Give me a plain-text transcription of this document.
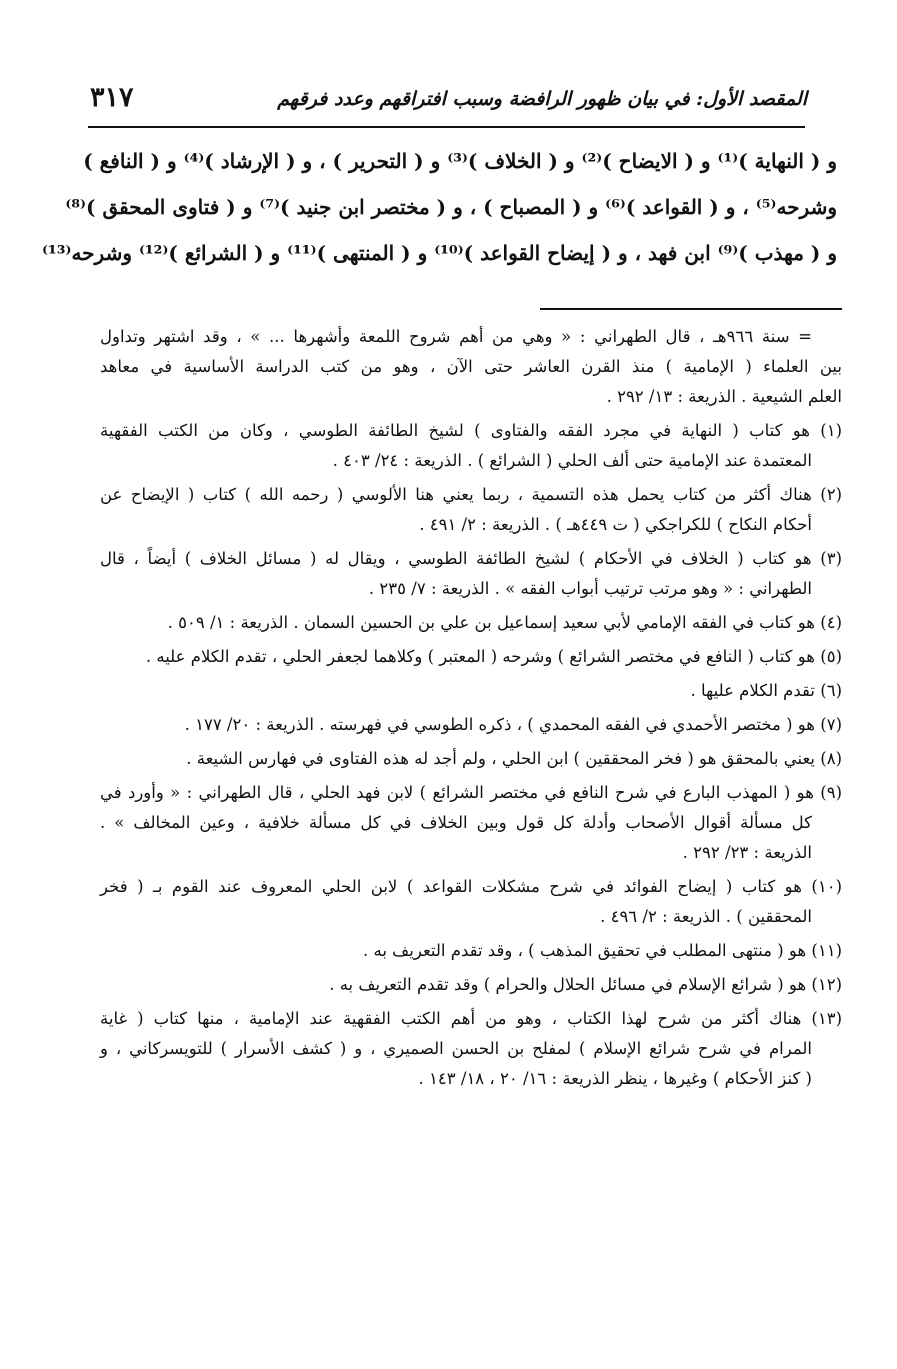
المقصد الأول: في بيان ظهور الرافضة وسبب افتراقهم وعدد فرقهم
٣١٧
و ( النهاية )⁽¹⁾ و ( الايضاح )⁽²⁾ و ( الخلاف )⁽³⁾ و ( التحرير ) ، و ( الإرشاد )⁽⁴⁾ و ( النافع )
وشرحه⁽⁵⁾ ، و ( القواعد )⁽⁶⁾ و ( المصباح ) ، و ( مختصر ابن جنيد )⁽⁷⁾ و ( فتاوى المحقق )⁽⁸⁾
و ( مهذب )⁽⁹⁾ ابن فهد ، و ( إيضاح القواعد )⁽¹⁰⁾ و ( المنتهى )⁽¹¹⁾ و ( الشرائع )⁽¹²⁾ وشرحه⁽¹³⁾
= سنة ٩٦٦هـ ، قال الطهراني : « وهي من أهم شروح اللمعة وأشهرها ... » ، وقد اشتهر وتداول
بين العلماء ( الإمامية ) منذ القرن العاشر حتى الآن ، وهو من كتب الدراسة الأساسية في معاهد
العلم الشيعية . الذريعة : ١٣/ ٢٩٢ .
(١) هو كتاب ( النهاية في مجرد الفقه والفتاوى ) لشيخ الطائفة الطوسي ، وكان من الكتب الفقهية
المعتمدة عند الإمامية حتى ألف الحلي ( الشرائع ) . الذريعة : ٢٤/ ٤٠٣ .
(٢) هناك أكثر من كتاب يحمل هذه التسمية ، ربما يعني هنا الألوسي ( رحمه الله ) كتاب ( الإيضاح عن
أحكام النكاح ) للكراجكي ( ت ٤٤٩هـ ) . الذريعة : ٢/ ٤٩١ .
(٣) هو كتاب ( الخلاف في الأحكام ) لشيخ الطائفة الطوسي ، ويقال له ( مسائل الخلاف ) أيضاً ، قال
الطهراني : « وهو مرتب ترتيب أبواب الفقه » . الذريعة : ٧/ ٢٣٥ .
(٤) هو كتاب في الفقه الإمامي لأبي سعيد إسماعيل بن علي بن الحسين السمان . الذريعة : ١/ ٥٠٩ .
(٥) هو كتاب ( النافع في مختصر الشرائع ) وشرحه ( المعتبر ) وكلاهما لجعفر الحلي ، تقدم الكلام عليه .
(٦) تقدم الكلام عليها .
(٧) هو ( مختصر الأحمدي في الفقه المحمدي ) ، ذكره الطوسي في فهرسته . الذريعة : ٢٠/ ١٧٧ .
(٨) يعني بالمحقق هو ( فخر المحققين ) ابن الحلي ، ولم أجد له هذه الفتاوى في فهارس الشيعة .
(٩) هو ( المهذب البارع في شرح النافع في مختصر الشرائع ) لابن فهد الحلي ، قال الطهراني : « وأورد في
كل مسألة أقوال الأصحاب وأدلة كل قول وبين الخلاف في كل مسألة خلافية ، وعين المخالف » .
الذريعة : ٢٣/ ٢٩٢ .
(١٠) هو كتاب ( إيضاح الفوائد في شرح مشكلات القواعد ) لابن الحلي المعروف عند القوم بـ ( فخر
المحققين ) . الذريعة : ٢/ ٤٩٦ .
(١١) هو ( منتهى المطلب في تحقيق المذهب ) ، وقد تقدم التعريف به .
(١٢) هو ( شرائع الإسلام في مسائل الحلال والحرام ) وقد تقدم التعريف به .
(١٣) هناك أكثر من شرح لهذا الكتاب ، وهو من أهم الكتب الفقهية عند الإمامية ، منها كتاب ( غاية
المرام في شرح شرائع الإسلام ) لمفلح بن الحسن الصميري ، و ( كشف الأسرار ) للتويسركاني ، و
( كنز الأحكام ) وغيرها ، ينظر الذريعة : ١٦/ ٢٠ ، ١٨/ ١٤٣ .
